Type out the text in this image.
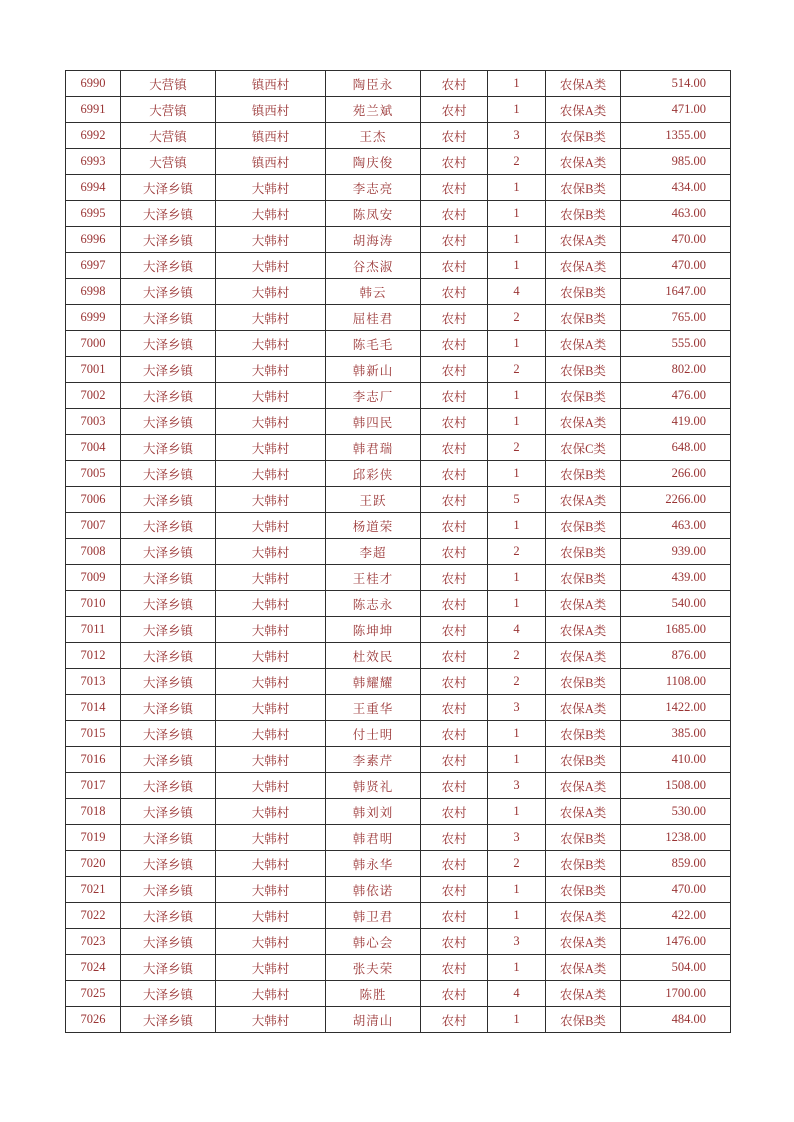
6990	大营镇	镇西村	陶臣永	农村	1	农保A类	514.00
6991	大营镇	镇西村	苑兰斌	农村	1	农保A类	471.00
6992	大营镇	镇西村	王杰	农村	3	农保B类	1355.00
6993	大营镇	镇西村	陶庆俊	农村	2	农保A类	985.00
6994	大泽乡镇	大韩村	李志亮	农村	1	农保B类	434.00
6995	大泽乡镇	大韩村	陈凤安	农村	1	农保B类	463.00
6996	大泽乡镇	大韩村	胡海涛	农村	1	农保A类	470.00
6997	大泽乡镇	大韩村	谷杰淑	农村	1	农保A类	470.00
6998	大泽乡镇	大韩村	韩云	农村	4	农保B类	1647.00
6999	大泽乡镇	大韩村	屈桂君	农村	2	农保B类	765.00
7000	大泽乡镇	大韩村	陈毛毛	农村	1	农保A类	555.00
7001	大泽乡镇	大韩村	韩新山	农村	2	农保B类	802.00
7002	大泽乡镇	大韩村	李志厂	农村	1	农保B类	476.00
7003	大泽乡镇	大韩村	韩四民	农村	1	农保A类	419.00
7004	大泽乡镇	大韩村	韩君瑞	农村	2	农保C类	648.00
7005	大泽乡镇	大韩村	邱彩侠	农村	1	农保B类	266.00
7006	大泽乡镇	大韩村	王跃	农村	5	农保A类	2266.00
7007	大泽乡镇	大韩村	杨道荣	农村	1	农保B类	463.00
7008	大泽乡镇	大韩村	李超	农村	2	农保B类	939.00
7009	大泽乡镇	大韩村	王桂才	农村	1	农保B类	439.00
7010	大泽乡镇	大韩村	陈志永	农村	1	农保A类	540.00
7011	大泽乡镇	大韩村	陈坤坤	农村	4	农保A类	1685.00
7012	大泽乡镇	大韩村	杜效民	农村	2	农保A类	876.00
7013	大泽乡镇	大韩村	韩耀耀	农村	2	农保B类	1108.00
7014	大泽乡镇	大韩村	王重华	农村	3	农保A类	1422.00
7015	大泽乡镇	大韩村	付士明	农村	1	农保B类	385.00
7016	大泽乡镇	大韩村	李素芹	农村	1	农保B类	410.00
7017	大泽乡镇	大韩村	韩贤礼	农村	3	农保A类	1508.00
7018	大泽乡镇	大韩村	韩刘刘	农村	1	农保A类	530.00
7019	大泽乡镇	大韩村	韩君明	农村	3	农保B类	1238.00
7020	大泽乡镇	大韩村	韩永华	农村	2	农保B类	859.00
7021	大泽乡镇	大韩村	韩依诺	农村	1	农保B类	470.00
7022	大泽乡镇	大韩村	韩卫君	农村	1	农保A类	422.00
7023	大泽乡镇	大韩村	韩心会	农村	3	农保A类	1476.00
7024	大泽乡镇	大韩村	张夫荣	农村	1	农保A类	504.00
7025	大泽乡镇	大韩村	陈胜	农村	4	农保A类	1700.00
7026	大泽乡镇	大韩村	胡清山	农村	1	农保B类	484.00
